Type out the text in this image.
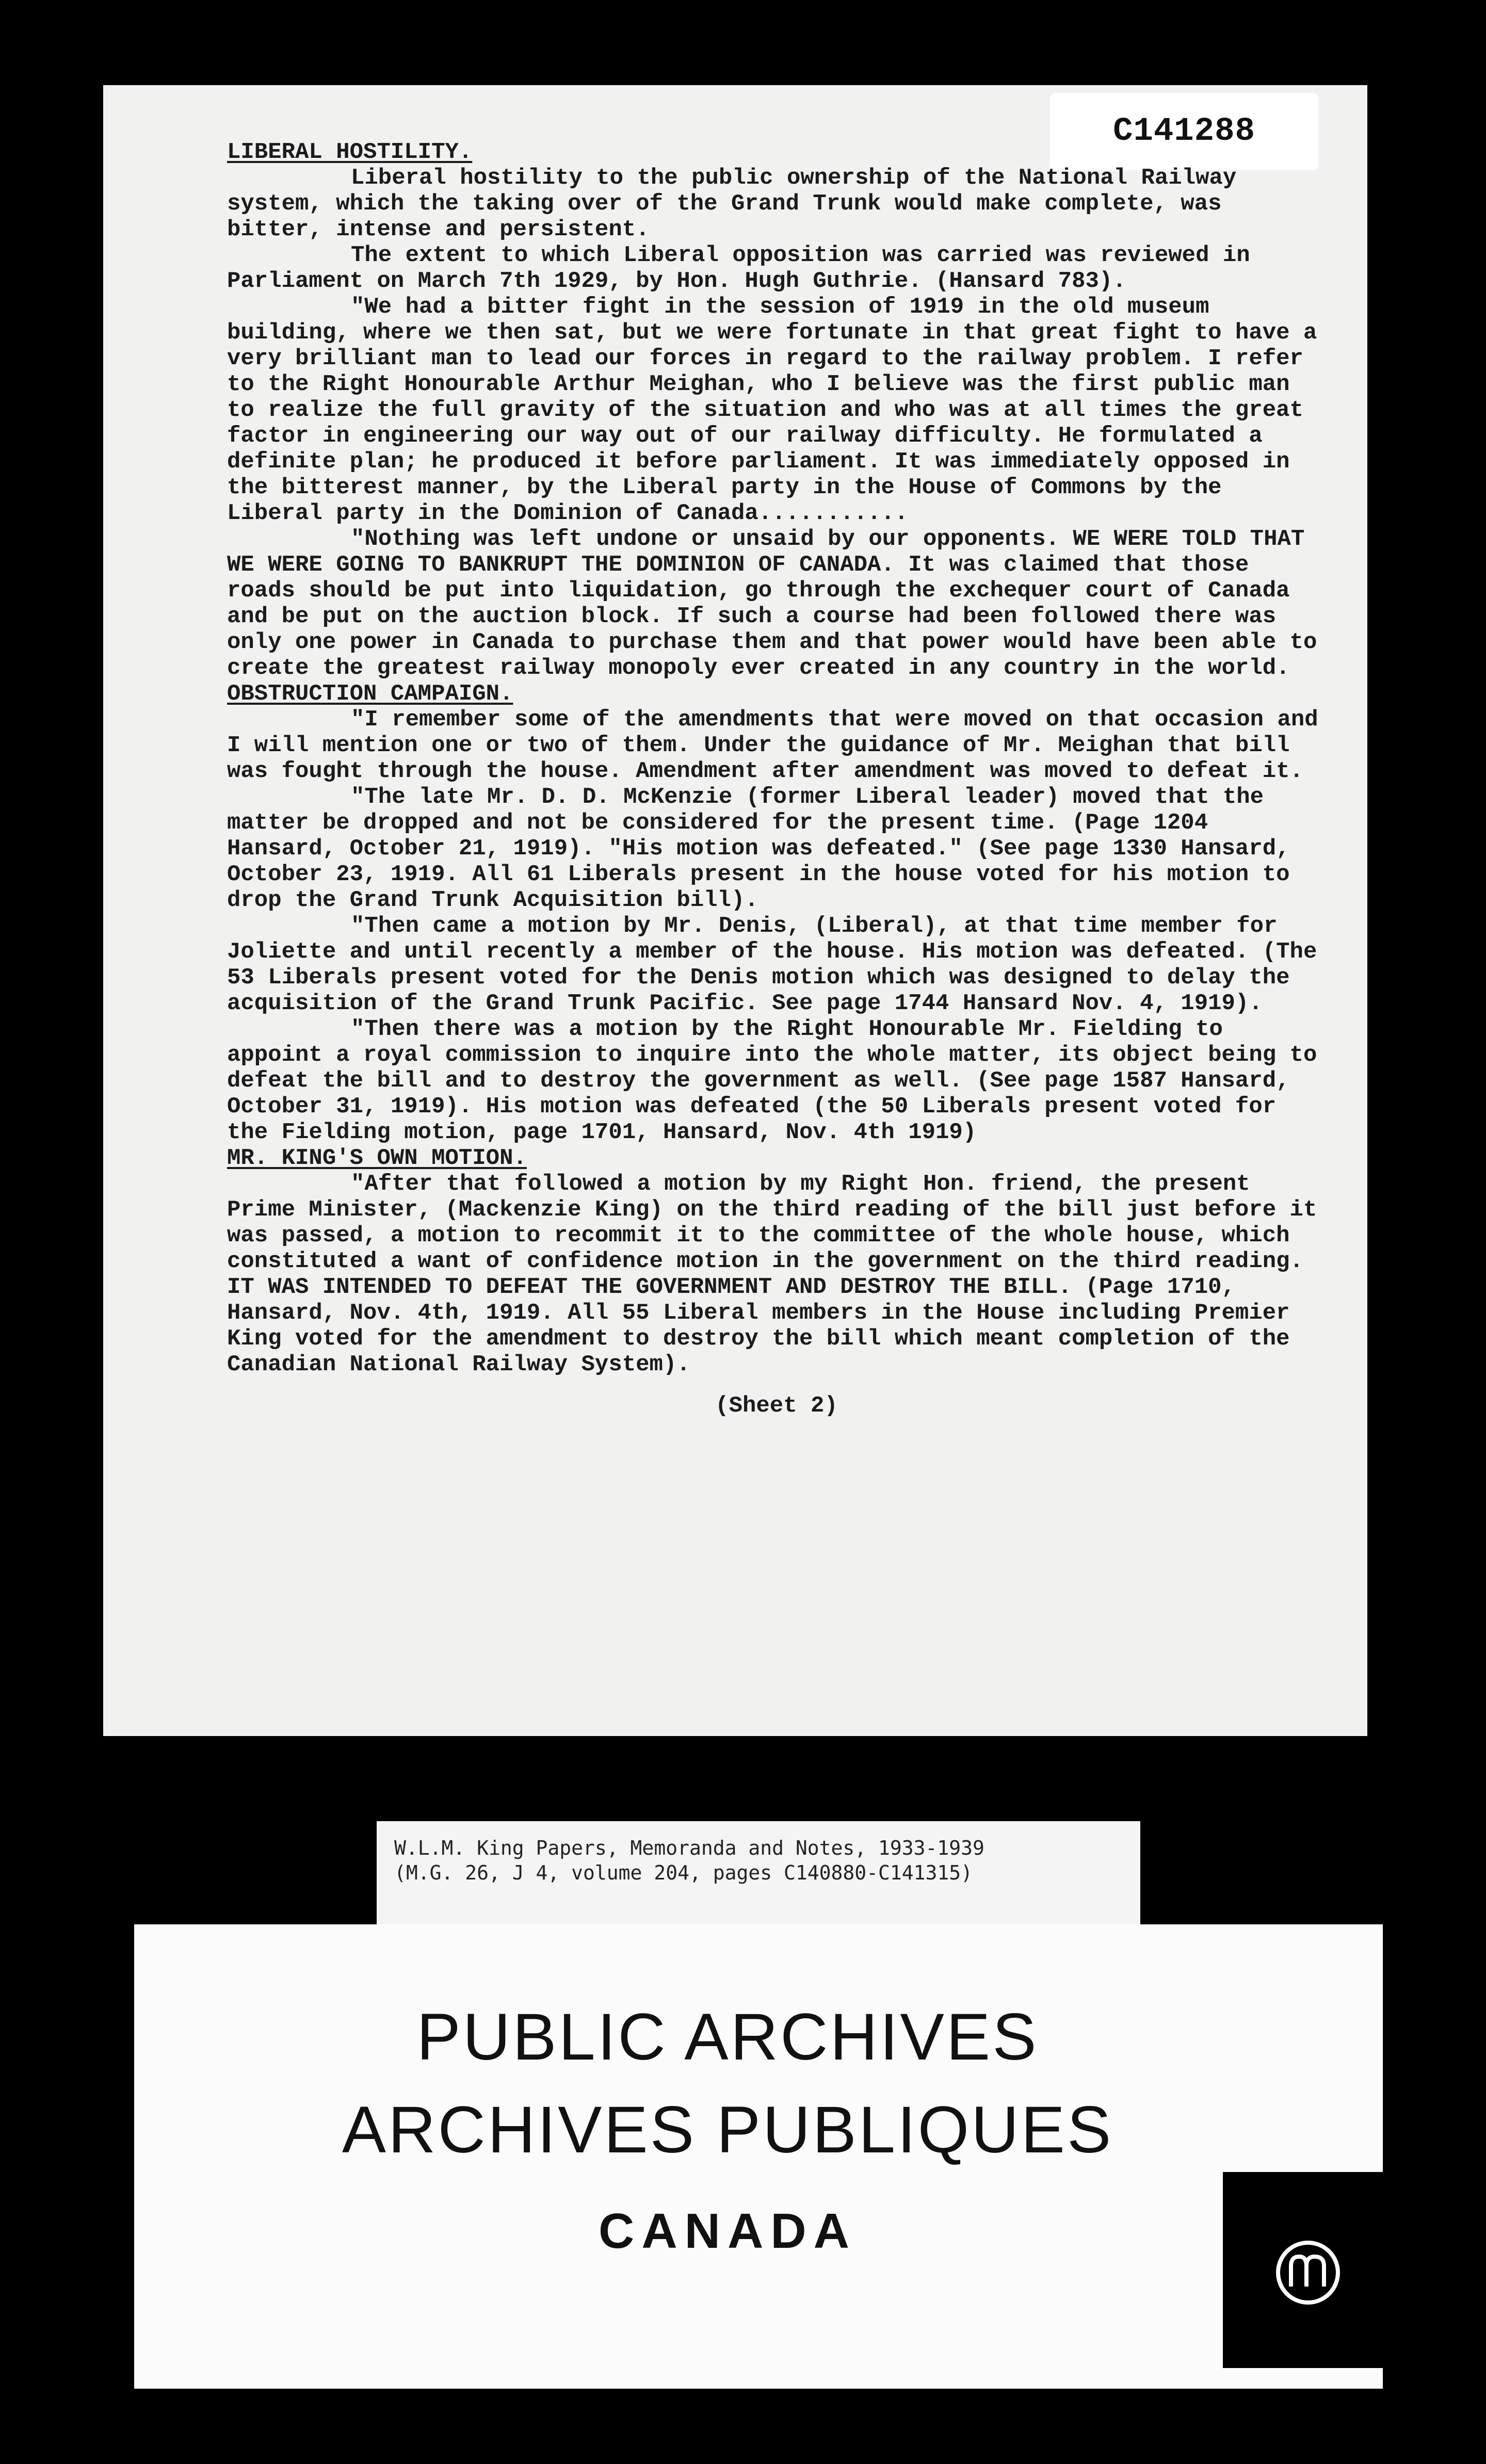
C141288
LIBERAL HOSTILITY.
Liberal hostility to the public ownership of the National Railway system, which the taking over of the Grand Trunk would make complete, was bitter, intense and persistent.
The extent to which Liberal opposition was carried was reviewed in Parliament on March 7th 1929, by Hon. Hugh Guthrie. (Hansard 783).
"We had a bitter fight in the session of 1919 in the old museum building, where we then sat, but we were fortunate in that great fight to have a very brilliant man to lead our forces in regard to the railway problem. I refer to the Right Honourable Arthur Meighan, who I believe was the first public man to realize the full gravity of the situation and who was at all times the great factor in engineering our way out of our railway difficulty. He formulated a definite plan; he produced it before parliament. It was immediately opposed in the bitterest manner, by the Liberal party in the House of Commons by the Liberal party in the Dominion of Canada...........
"Nothing was left undone or unsaid by our opponents. WE WERE TOLD THAT WE WERE GOING TO BANKRUPT THE DOMINION OF CANADA. It was claimed that those roads should be put into liquidation, go through the exchequer court of Canada and be put on the auction block. If such a course had been followed there was only one power in Canada to purchase them and that power would have been able to create the greatest railway monopoly ever created in any country in the world.
OBSTRUCTION CAMPAIGN.
"I remember some of the amendments that were moved on that occasion and I will mention one or two of them. Under the guidance of Mr. Meighan that bill was fought through the house. Amendment after amendment was moved to defeat it.
"The late Mr. D. D. McKenzie (former Liberal leader) moved that the matter be dropped and not be considered for the present time. (Page 1204 Hansard, October 21, 1919). "His motion was defeated." (See page 1330 Hansard, October 23, 1919. All 61 Liberals present in the house voted for his motion to drop the Grand Trunk Acquisition bill).
"Then came a motion by Mr. Denis, (Liberal), at that time member for Joliette and until recently a member of the house. His motion was defeated. (The 53 Liberals present voted for the Denis motion which was designed to delay the acquisition of the Grand Trunk Pacific. See page 1744 Hansard Nov. 4, 1919).
"Then there was a motion by the Right Honourable Mr. Fielding to appoint a royal commission to inquire into the whole matter, its object being to defeat the bill and to destroy the government as well. (See page 1587 Hansard, October 31, 1919). His motion was defeated (the 50 Liberals present voted for the Fielding motion, page 1701, Hansard, Nov. 4th 1919)
MR. KING'S OWN MOTION.
"After that followed a motion by my Right Hon. friend, the present Prime Minister, (Mackenzie King) on the third reading of the bill just before it was passed, a motion to recommit it to the committee of the whole house, which constituted a want of confidence motion in the government on the third reading. IT WAS INTENDED TO DEFEAT THE GOVERNMENT AND DESTROY THE BILL. (Page 1710, Hansard, Nov. 4th, 1919. All 55 Liberal members in the House including Premier King voted for the amendment to destroy the bill which meant completion of the Canadian National Railway System).
(Sheet 2)
W.L.M. King Papers, Memoranda and Notes, 1933-1939
(M.G. 26, J 4, volume 204, pages C140880-C141315)
PUBLIC ARCHIVES
ARCHIVES PUBLIQUES
CANADA
